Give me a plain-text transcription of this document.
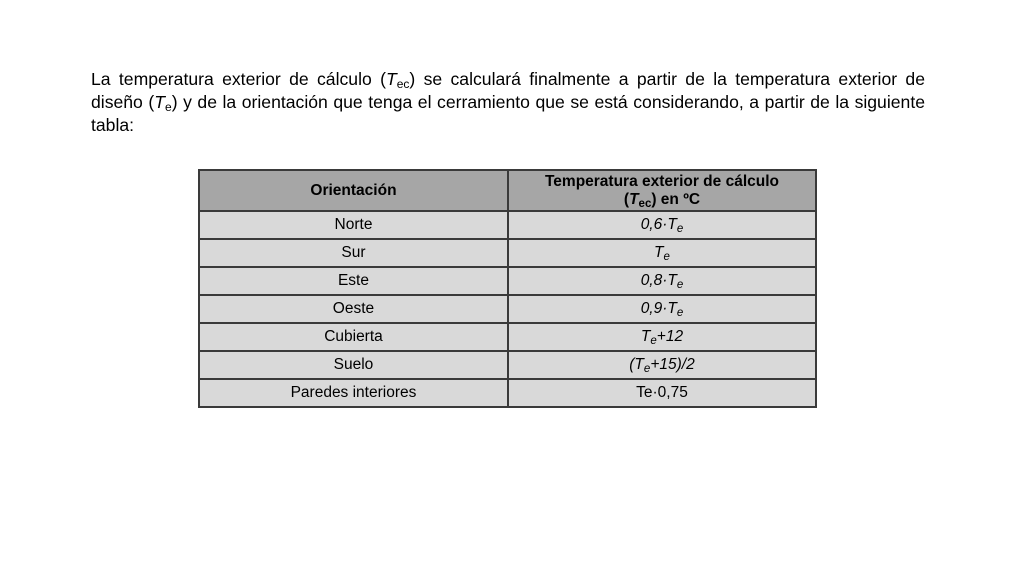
La temperatura exterior de cálculo $(T_{ec})$ se calculará finalmente a partir de la temperatura exterior de diseño $(T_e)$ y de la orientación que tenga el cerramiento que se está considerando, a partir de la siguiente tabla:
Orientación	Temperatura exterior de cálculo
$(T_{ec})$ en ºC
Norte	$0,6\cdot T_e$
Sur	$T_e$
Este	$0,8\cdot T_e$
Oeste	$0,9\cdot T_e$
Cubierta	$T_e+12$
Suelo	$(T_e+15)/2$
Paredes interiores	Te·0,75
